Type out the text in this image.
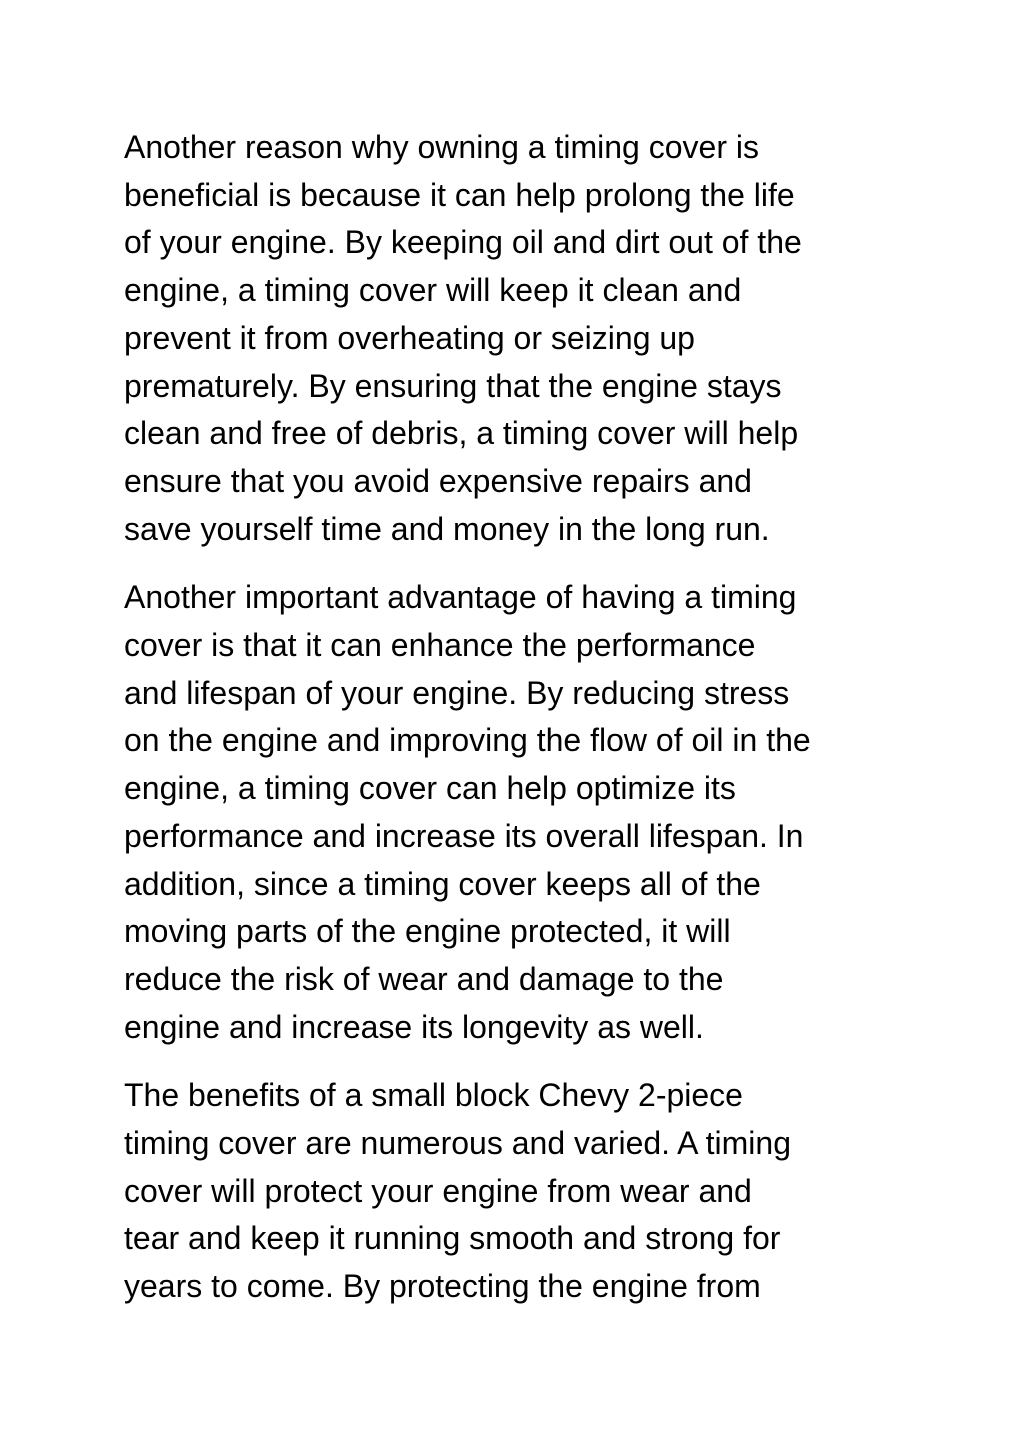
Another reason why owning a timing cover is
beneficial is because it can help prolong the life
of your engine. By keeping oil and dirt out of the
engine, a timing cover will keep it clean and
prevent it from overheating or seizing up
prematurely. By ensuring that the engine stays
clean and free of debris, a timing cover will help
ensure that you avoid expensive repairs and
save yourself time and money in the long run.

Another important advantage of having a timing
cover is that it can enhance the performance
and lifespan of your engine. By reducing stress
on the engine and improving the flow of oil in the
engine, a timing cover can help optimize its
performance and increase its overall lifespan. In
addition, since a timing cover keeps all of the
moving parts of the engine protected, it will
reduce the risk of wear and damage to the
engine and increase its longevity as well.

The benefits of a small block Chevy 2-piece
timing cover are numerous and varied. A timing
cover will protect your engine from wear and
tear and keep it running smooth and strong for
years to come. By protecting the engine from
